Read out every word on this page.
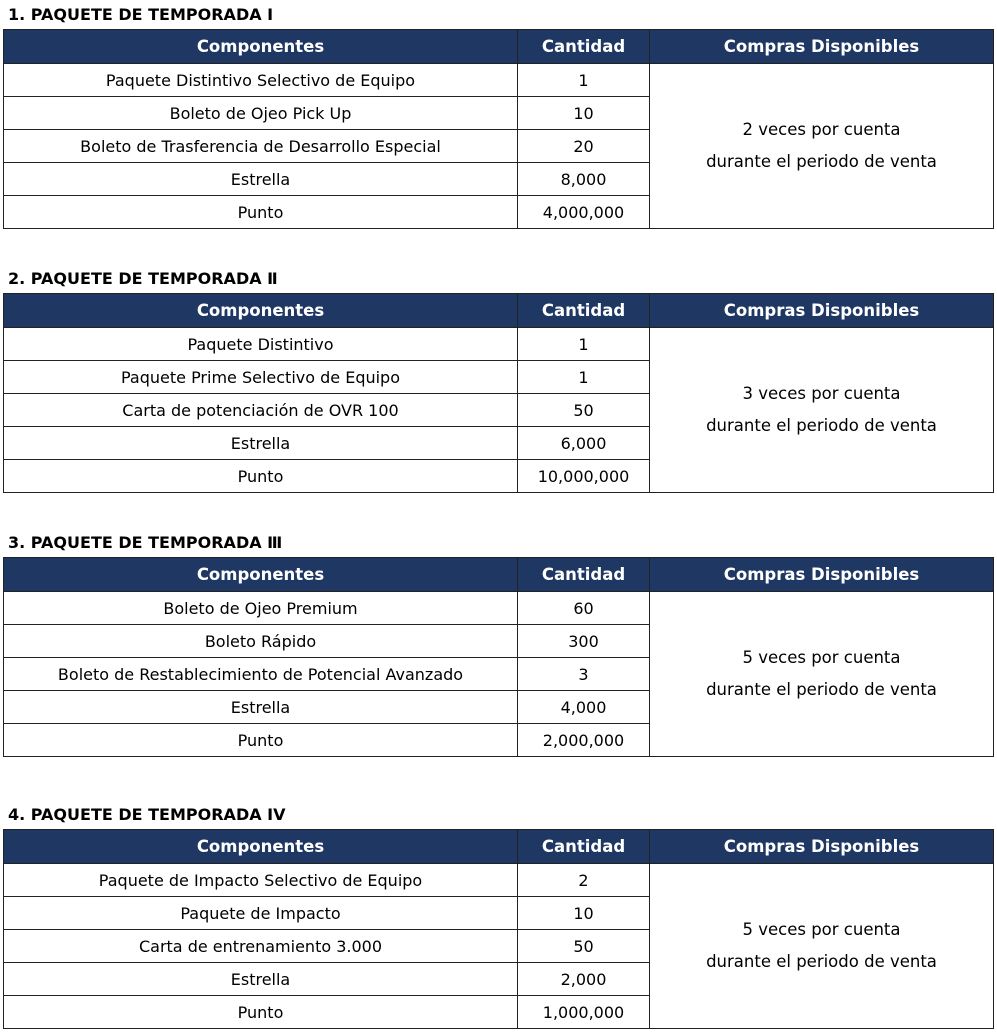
1. PAQUETE DE TEMPORADA Ⅰ
Componentes	Cantidad	Compras Disponibles
Paquete Distintivo Selectivo de Equipo	1	2 veces por cuenta
durante el periodo de venta

Boleto de Ojeo Pick Up	10	
Boleto de Trasferencia de Desarrollo Especial	20	
Estrella	8,000	
Punto	4,000,000	
2. PAQUETE DE TEMPORADA Ⅱ
Componentes	Cantidad	Compras Disponibles
Paquete Distintivo	1	3 veces por cuenta
durante el periodo de venta

Paquete Prime Selectivo de Equipo	1	
Carta de potenciación de OVR 100	50	
Estrella	6,000	
Punto	10,000,000	
3. PAQUETE DE TEMPORADA Ⅲ
Componentes	Cantidad	Compras Disponibles
Boleto de Ojeo Premium	60	5 veces por cuenta
durante el periodo de venta

Boleto Rápido	300	
Boleto de Restablecimiento de Potencial Avanzado	3	
Estrella	4,000	
Punto	2,000,000	
4. PAQUETE DE TEMPORADA IV
Componentes	Cantidad	Compras Disponibles
Paquete de Impacto Selectivo de Equipo	2	5 veces por cuenta
durante el periodo de venta

Paquete de Impacto	10	
Carta de entrenamiento 3.000	50	
Estrella	2,000	
Punto	1,000,000	
